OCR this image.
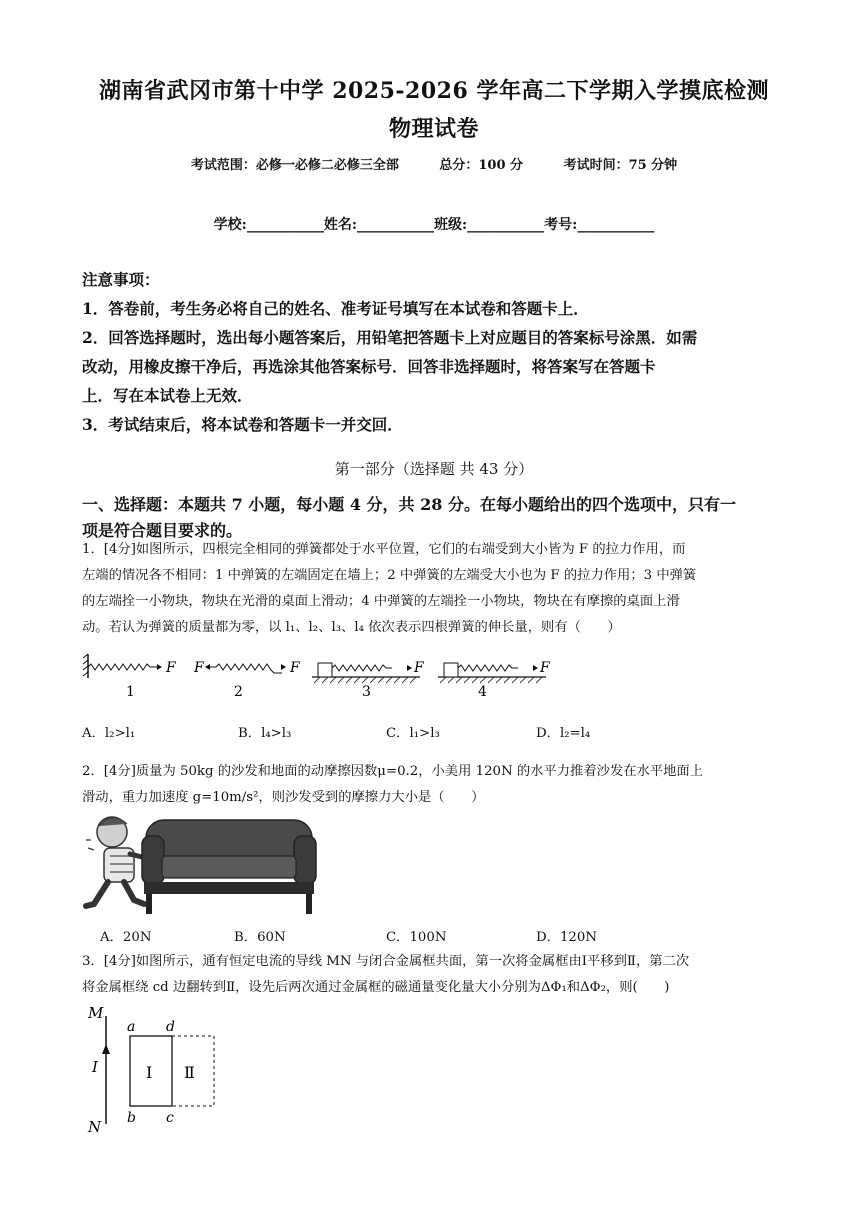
湖南省武冈市第十中学 2025-2026 学年高二下学期入学摸底检测
物理试卷
考试范围：必修一必修二必修三全部	总分：100 分	考试时间：75 分钟
学校:___________姓名:___________班级:___________考号:___________
注意事项：
1．答卷前，考生务必将自己的姓名、准考证号填写在本试卷和答题卡上．
2．回答选择题时，选出每小题答案后，用铅笔把答题卡上对应题目的答案标号涂黑．如需
改动，用橡皮擦干净后，再选涂其他答案标号．回答非选择题时，将答案写在答题卡
上．写在本试卷上无效．
3．考试结束后，将本试卷和答题卡一并交回．
第一部分（选择题 共 43 分）
一、选择题：本题共 7 小题，每小题 4 分，共 28 分。在每小题给出的四个选项中，只有一
项是符合题目要求的。
1．[4分]如图所示，四根完全相同的弹簧都处于水平位置，它们的右端受到大小皆为 F 的拉力作用，而
左端的情况各不相同：1 中弹簧的左端固定在墙上；2 中弹簧的左端受大小也为 F 的拉力作用；3 中弹簧
的左端拴一小物块，物块在光滑的桌面上滑动；4 中弹簧的左端拴一小物块，物块在有摩擦的桌面上滑
动。若认为弹簧的质量都为零，以 l₁、l₂、l₃、l₄ 依次表示四根弹簧的伸长量，则有（　　）
F
1
F	F
2
F
3
F
4
A．l₂>l₁	B．l₄>l₃	C．l₁>l₃	D．l₂=l₄
2．[4分]质量为 50kg 的沙发和地面的动摩擦因数μ=0.2，小美用 120N 的水平力推着沙发在水平地面上
滑动，重力加速度 g=10m/s²，则沙发受到的摩擦力大小是（　　）
A．20N	B．60N	C．100N	D．120N
3．[4分]如图所示，通有恒定电流的导线 MN 与闭合金属框共面，第一次将金属框由Ⅰ平移到Ⅱ，第二次
将金属框绕 cd 边翻转到Ⅱ，设先后两次通过金属框的磁通量变化量大小分别为ΔΦ₁和ΔΦ₂，则(　　)
M
I
N
a d
b c
Ⅰ Ⅱ
